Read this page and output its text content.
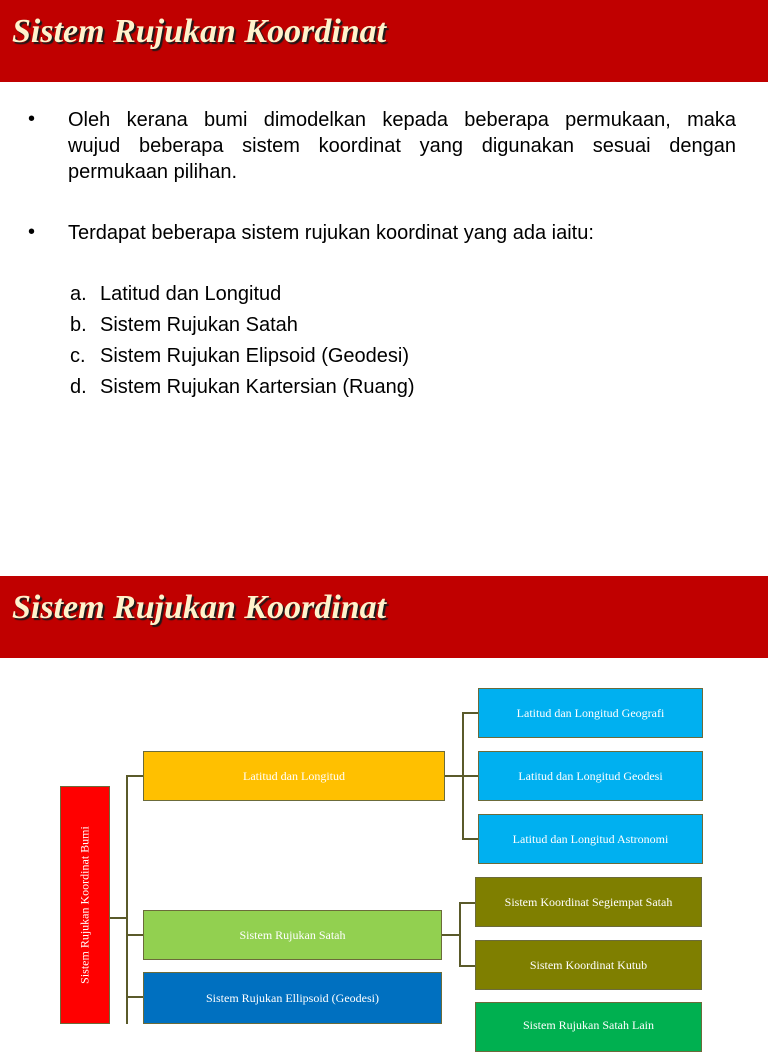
Sistem Rujukan Koordinat
• Oleh kerana bumi dimodelkan kepada beberapa permukaan, maka
wujud beberapa sistem koordinat yang digunakan sesuai dengan
permukaan pilihan.
• Terdapat beberapa sistem rujukan koordinat yang ada iaitu:
a. Latitud dan Longitud
b. Sistem Rujukan Satah
c. Sistem Rujukan Elipsoid (Geodesi)
d. Sistem Rujukan Kartersian (Ruang)
Sistem Rujukan Koordinat
Sistem Rujukan Koordinat Bumi
Latitud dan Longitud
Sistem Rujukan Satah
Sistem Rujukan Ellipsoid (Geodesi)
Latitud dan Longitud Geografi
Latitud dan Longitud Geodesi
Latitud dan Longitud Astronomi
Sistem Koordinat Segiempat Satah
Sistem Koordinat Kutub
Sistem Rujukan Satah Lain
